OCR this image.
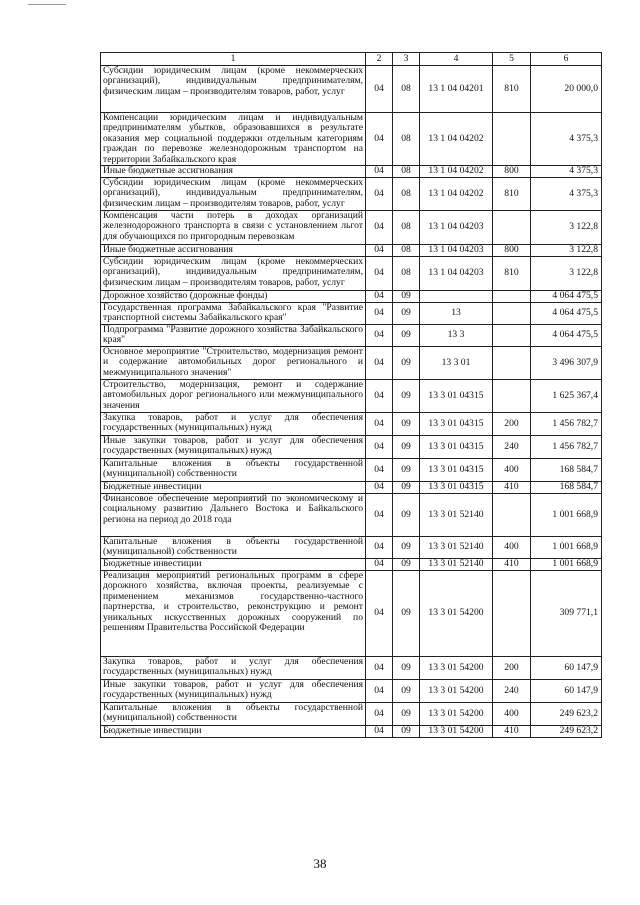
1	2	3	4	5	6
Субсидии юридическим лицам (кроме некоммерческих организаций), индивидуальным предпринимателям, физическим лицам – производителям товаров, работ, услуг	04	08	13 1 04 04201	810	20 000,0
Компенсации юридическим лицам и индивидуальным предпринимателям убытков, образовавшихся в результате оказания мер социальной поддержки отдельным категориям граждан по перевозке железнодорожным транспортом на территории Забайкальского края	04	08	13 1 04 04202		4 375,3
Иные бюджетные ассигнования	04	08	13 1 04 04202	800	4 375,3
Субсидии юридическим лицам (кроме некоммерческих организаций), индивидуальным предпринимателям, физическим лицам – производителям товаров, работ, услуг	04	08	13 1 04 04202	810	4 375,3
Компенсация части потерь в доходах организаций железнодорожного транспорта в связи с установлением льгот для обучающихся по пригородным перевозкам	04	08	13 1 04 04203		3 122,8
Иные бюджетные ассигнования	04	08	13 1 04 04203	800	3 122,8
Субсидии юридическим лицам (кроме некоммерческих организаций), индивидуальным предпринимателям, физическим лицам – производителям товаров, работ, услуг	04	08	13 1 04 04203	810	3 122,8
Дорожное хозяйство (дорожные фонды)	04	09			4 064 475,5
Государственная программа Забайкальского края "Развитие транспортной системы Забайкальского края"	04	09	13		4 064 475,5
Подпрограмма "Развитие дорожного хозяйства Забайкальского края"	04	09	13 3		4 064 475,5
Основное мероприятие "Строительство, модернизация ремонт и содержание автомобильных дорог регионального и межмуниципального значения"	04	09	13 3 01		3 496 307,9
Строительство, модернизация, ремонт и содержание автомобильных дорог регионального или межмуниципального значения	04	09	13 3 01 04315		1 625 367,4
Закупка товаров, работ и услуг для обеспечения государственных (муниципальных) нужд	04	09	13 3 01 04315	200	1 456 782,7
Иные закупки товаров, работ и услуг для обеспечения государственных (муниципальных) нужд	04	09	13 3 01 04315	240	1 456 782,7
Капитальные вложения в объекты государственной (муниципальной) собственности	04	09	13 3 01 04315	400	168 584,7
Бюджетные инвестиции	04	09	13 3 01 04315	410	168 584,7
Финансовое обеспечение мероприятий по экономическому и социальному развитию Дальнего Востока и Байкальского региона на период до 2018 года	04	09	13 3 01 52140		1 001 668,9
Капитальные вложения в объекты государственной (муниципальной) собственности	04	09	13 3 01 52140	400	1 001 668,9
Бюджетные инвестиции	04	09	13 3 01 52140	410	1 001 668,9
Реализация мероприятий региональных программ в сфере дорожного хозяйства, включая проекты, реализуемые с применением механизмов государственно-частного партнерства, и строительство, реконструкцию и ремонт уникальных искусственных дорожных сооружений по решениям Правительства Российской Федерации	04	09	13 3 01 54200		309 771,1
Закупка товаров, работ и услуг для обеспечения государственных (муниципальных) нужд	04	09	13 3 01 54200	200	60 147,9
Иные закупки товаров, работ и услуг для обеспечения государственных (муниципальных) нужд	04	09	13 3 01 54200	240	60 147,9
Капитальные вложения в объекты государственной (муниципальной) собственности	04	09	13 3 01 54200	400	249 623,2
Бюджетные инвестиции	04	09	13 3 01 54200	410	249 623,2
38
